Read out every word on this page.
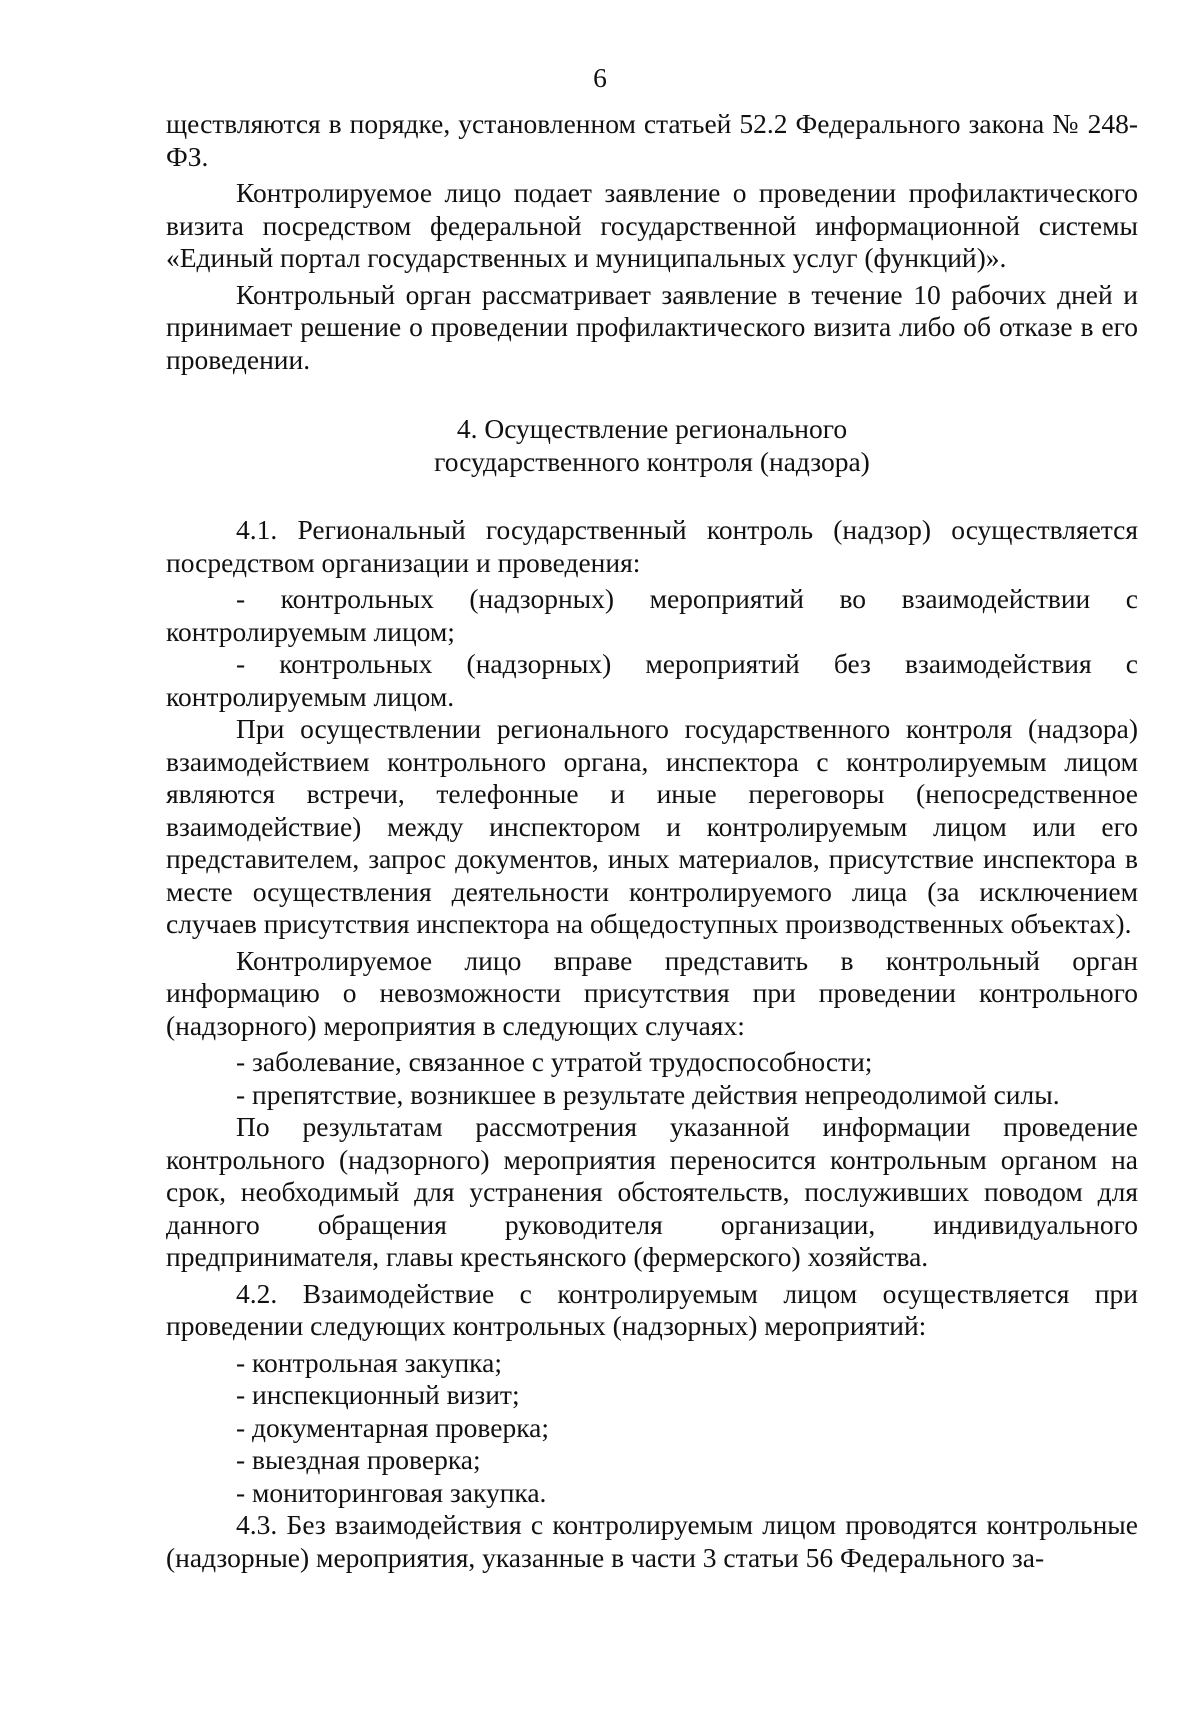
6

ществляются в порядке, установленном статьей 52.2 Федерального закона № 248-ФЗ.

Контролируемое лицо подает заявление о проведении профилактического визита посредством федеральной государственной информационной системы «Единый портал государственных и муниципальных услуг (функций)».

Контрольный орган рассматривает заявление в течение 10 рабочих дней и принимает решение о проведении профилактического визита либо об отказе в его проведении.

4. Осуществление регионального
государственного контроля (надзора)

4.1. Региональный государственный контроль (надзор) осуществляется посредством организации и проведения:

- контрольных (надзорных) мероприятий во взаимодействии с контролируемым лицом;

- контрольных (надзорных) мероприятий без взаимодействия с контролируемым лицом.

При осуществлении регионального государственного контроля (надзора) взаимодействием контрольного органа, инспектора с контролируемым лицом являются встречи, телефонные и иные переговоры (непосредственное взаимодействие) между инспектором и контролируемым лицом или его представителем, запрос документов, иных материалов, присутствие инспектора в месте осуществления деятельности контролируемого лица (за исключением случаев присутствия инспектора на общедоступных производственных объектах).

Контролируемое лицо вправе представить в контрольный орган информацию о невозможности присутствия при проведении контрольного (надзорного) мероприятия в следующих случаях:

- заболевание, связанное с утратой трудоспособности;

- препятствие, возникшее в результате действия непреодолимой силы.

По результатам рассмотрения указанной информации проведение контрольного (надзорного) мероприятия переносится контрольным органом на срок, необходимый для устранения обстоятельств, послуживших поводом для данного обращения руководителя организации, индивидуального предпринимателя, главы крестьянского (фермерского) хозяйства.

4.2. Взаимодействие с контролируемым лицом осуществляется при проведении следующих контрольных (надзорных) мероприятий:

- контрольная закупка;

- инспекционный визит;

- документарная проверка;

- выездная проверка;

- мониторинговая закупка.

4.3. Без взаимодействия с контролируемым лицом проводятся контрольные (надзорные) мероприятия, указанные в части 3 статьи 56 Федерального за-
